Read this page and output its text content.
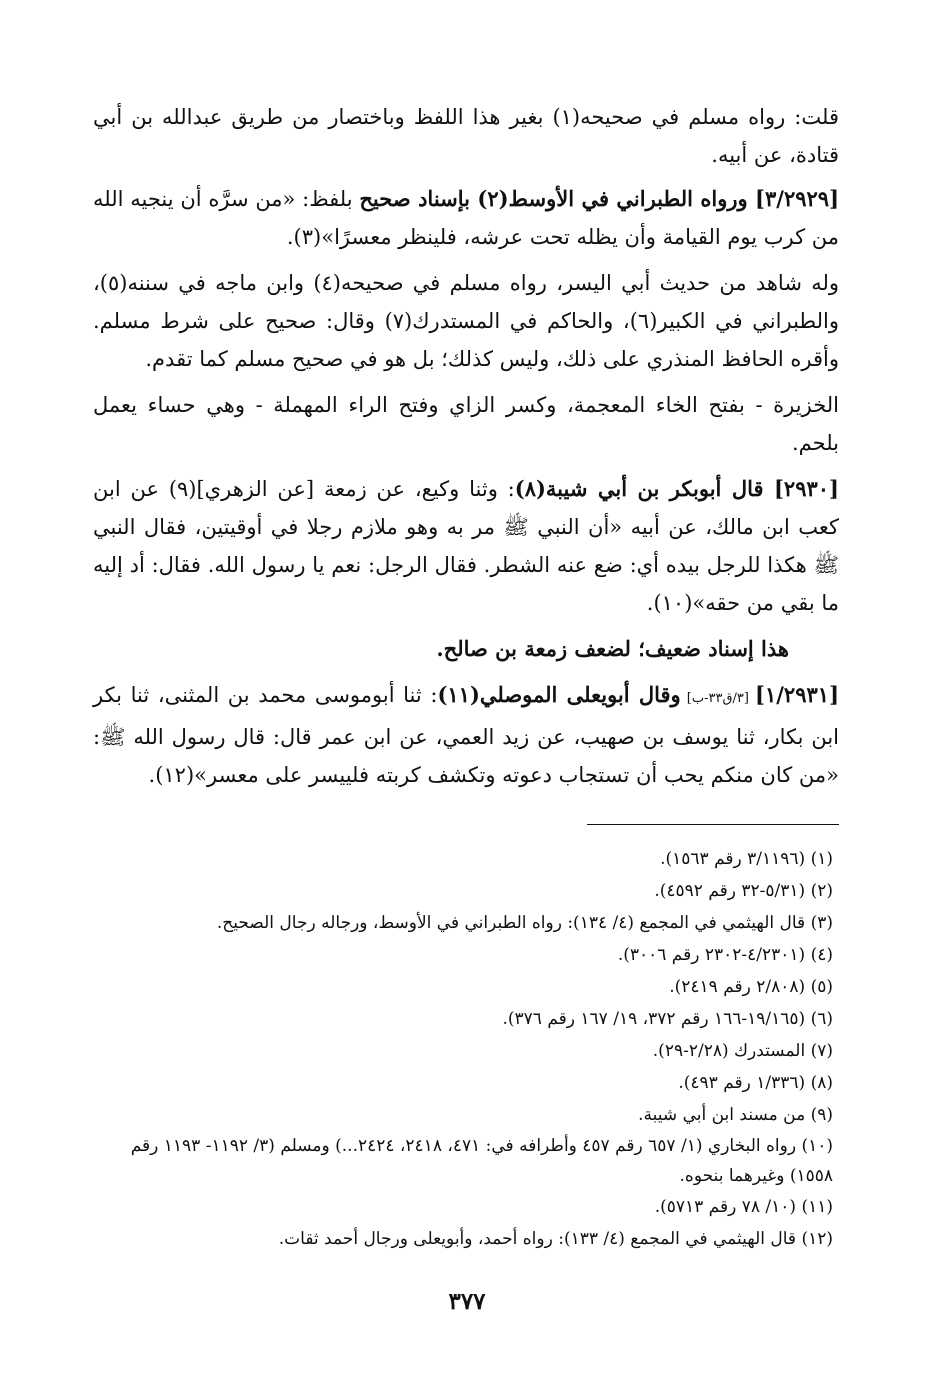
قلت: رواه مسلم في صحيحه(١) بغير هذا اللفظ وباختصار من طريق عبدالله بن أبي قتادة، عن أبيه.

[٣/٢٩٢٩] ورواه الطبراني في الأوسط(٢) بإسناد صحيح بلفظ: «من سرَّه أن ينجيه الله من كرب يوم القيامة وأن يظله تحت عرشه، فلينظر معسرًا»(٣).

وله شاهد من حديث أبي اليسر، رواه مسلم في صحيحه(٤) وابن ماجه في سننه(٥)، والطبراني في الكبير(٦)، والحاكم في المستدرك(٧) وقال: صحيح على شرط مسلم. وأقره الحافظ المنذري على ذلك، وليس كذلك؛ بل هو في صحيح مسلم كما تقدم.

الخزيرة - بفتح الخاء المعجمة، وكسر الزاي وفتح الراء المهملة - وهي حساء يعمل بلحم.

[٢٩٣٠] قال أبوبكر بن أبي شيبة(٨): وثنا وكيع، عن زمعة [عن الزهري](٩) عن ابن كعب ابن مالك، عن أبيه «أن النبي ﷺ مر به وهو ملازم رجلا في أوقيتين، فقال النبي ﷺ هكذا للرجل بيده أي: ضع عنه الشطر. فقال الرجل: نعم يا رسول الله. فقال: أد إليه ما بقي من حقه»(١٠).

هذا إسناد ضعيف؛ لضعف زمعة بن صالح.

[١/٢٩٣١] [٣/ق٣٣-ب] وقال أبويعلى الموصلي(١١): ثنا أبوموسى محمد بن المثنى، ثنا بكر ابن بكار، ثنا يوسف بن صهيب، عن زيد العمي، عن ابن عمر قال: قال رسول الله ﷺ: «من كان منكم يحب أن تستجاب دعوته وتكشف كربته فلييسر على معسر»(١٢).

(١) (٣/١١٩٦ رقم ١٥٦٣).
(٢) (٥/٣١-٣٢ رقم ٤٥٩٢).
(٣) قال الهيثمي في المجمع (٤/ ١٣٤): رواه الطبراني في الأوسط، ورجاله رجال الصحيح.
(٤) (٤/٢٣٠١-٢٣٠٢ رقم ٣٠٠٦).
(٥) (٢/٨٠٨ رقم ٢٤١٩).
(٦) (١٩/١٦٥-١٦٦ رقم ٣٧٢، ١٩/ ١٦٧ رقم ٣٧٦).
(٧) المستدرك (٢/٢٨-٢٩).
(٨) (١/٣٣٦ رقم ٤٩٣).
(٩) من مسند ابن أبي شيبة.
(١٠) رواه البخاري (١/ ٦٥٧ رقم ٤٥٧ وأطرافه في: ٤٧١، ٢٤١٨، ٢٤٢٤...) ومسلم (٣/ ١١٩٢- ١١٩٣ رقم ١٥٥٨) وغيرهما بنحوه.
(١١) (١٠/ ٧٨ رقم ٥٧١٣).
(١٢) قال الهيثمي في المجمع (٤/ ١٣٣): رواه أحمد، وأبويعلى ورجال أحمد ثقات.
٣٧٧
